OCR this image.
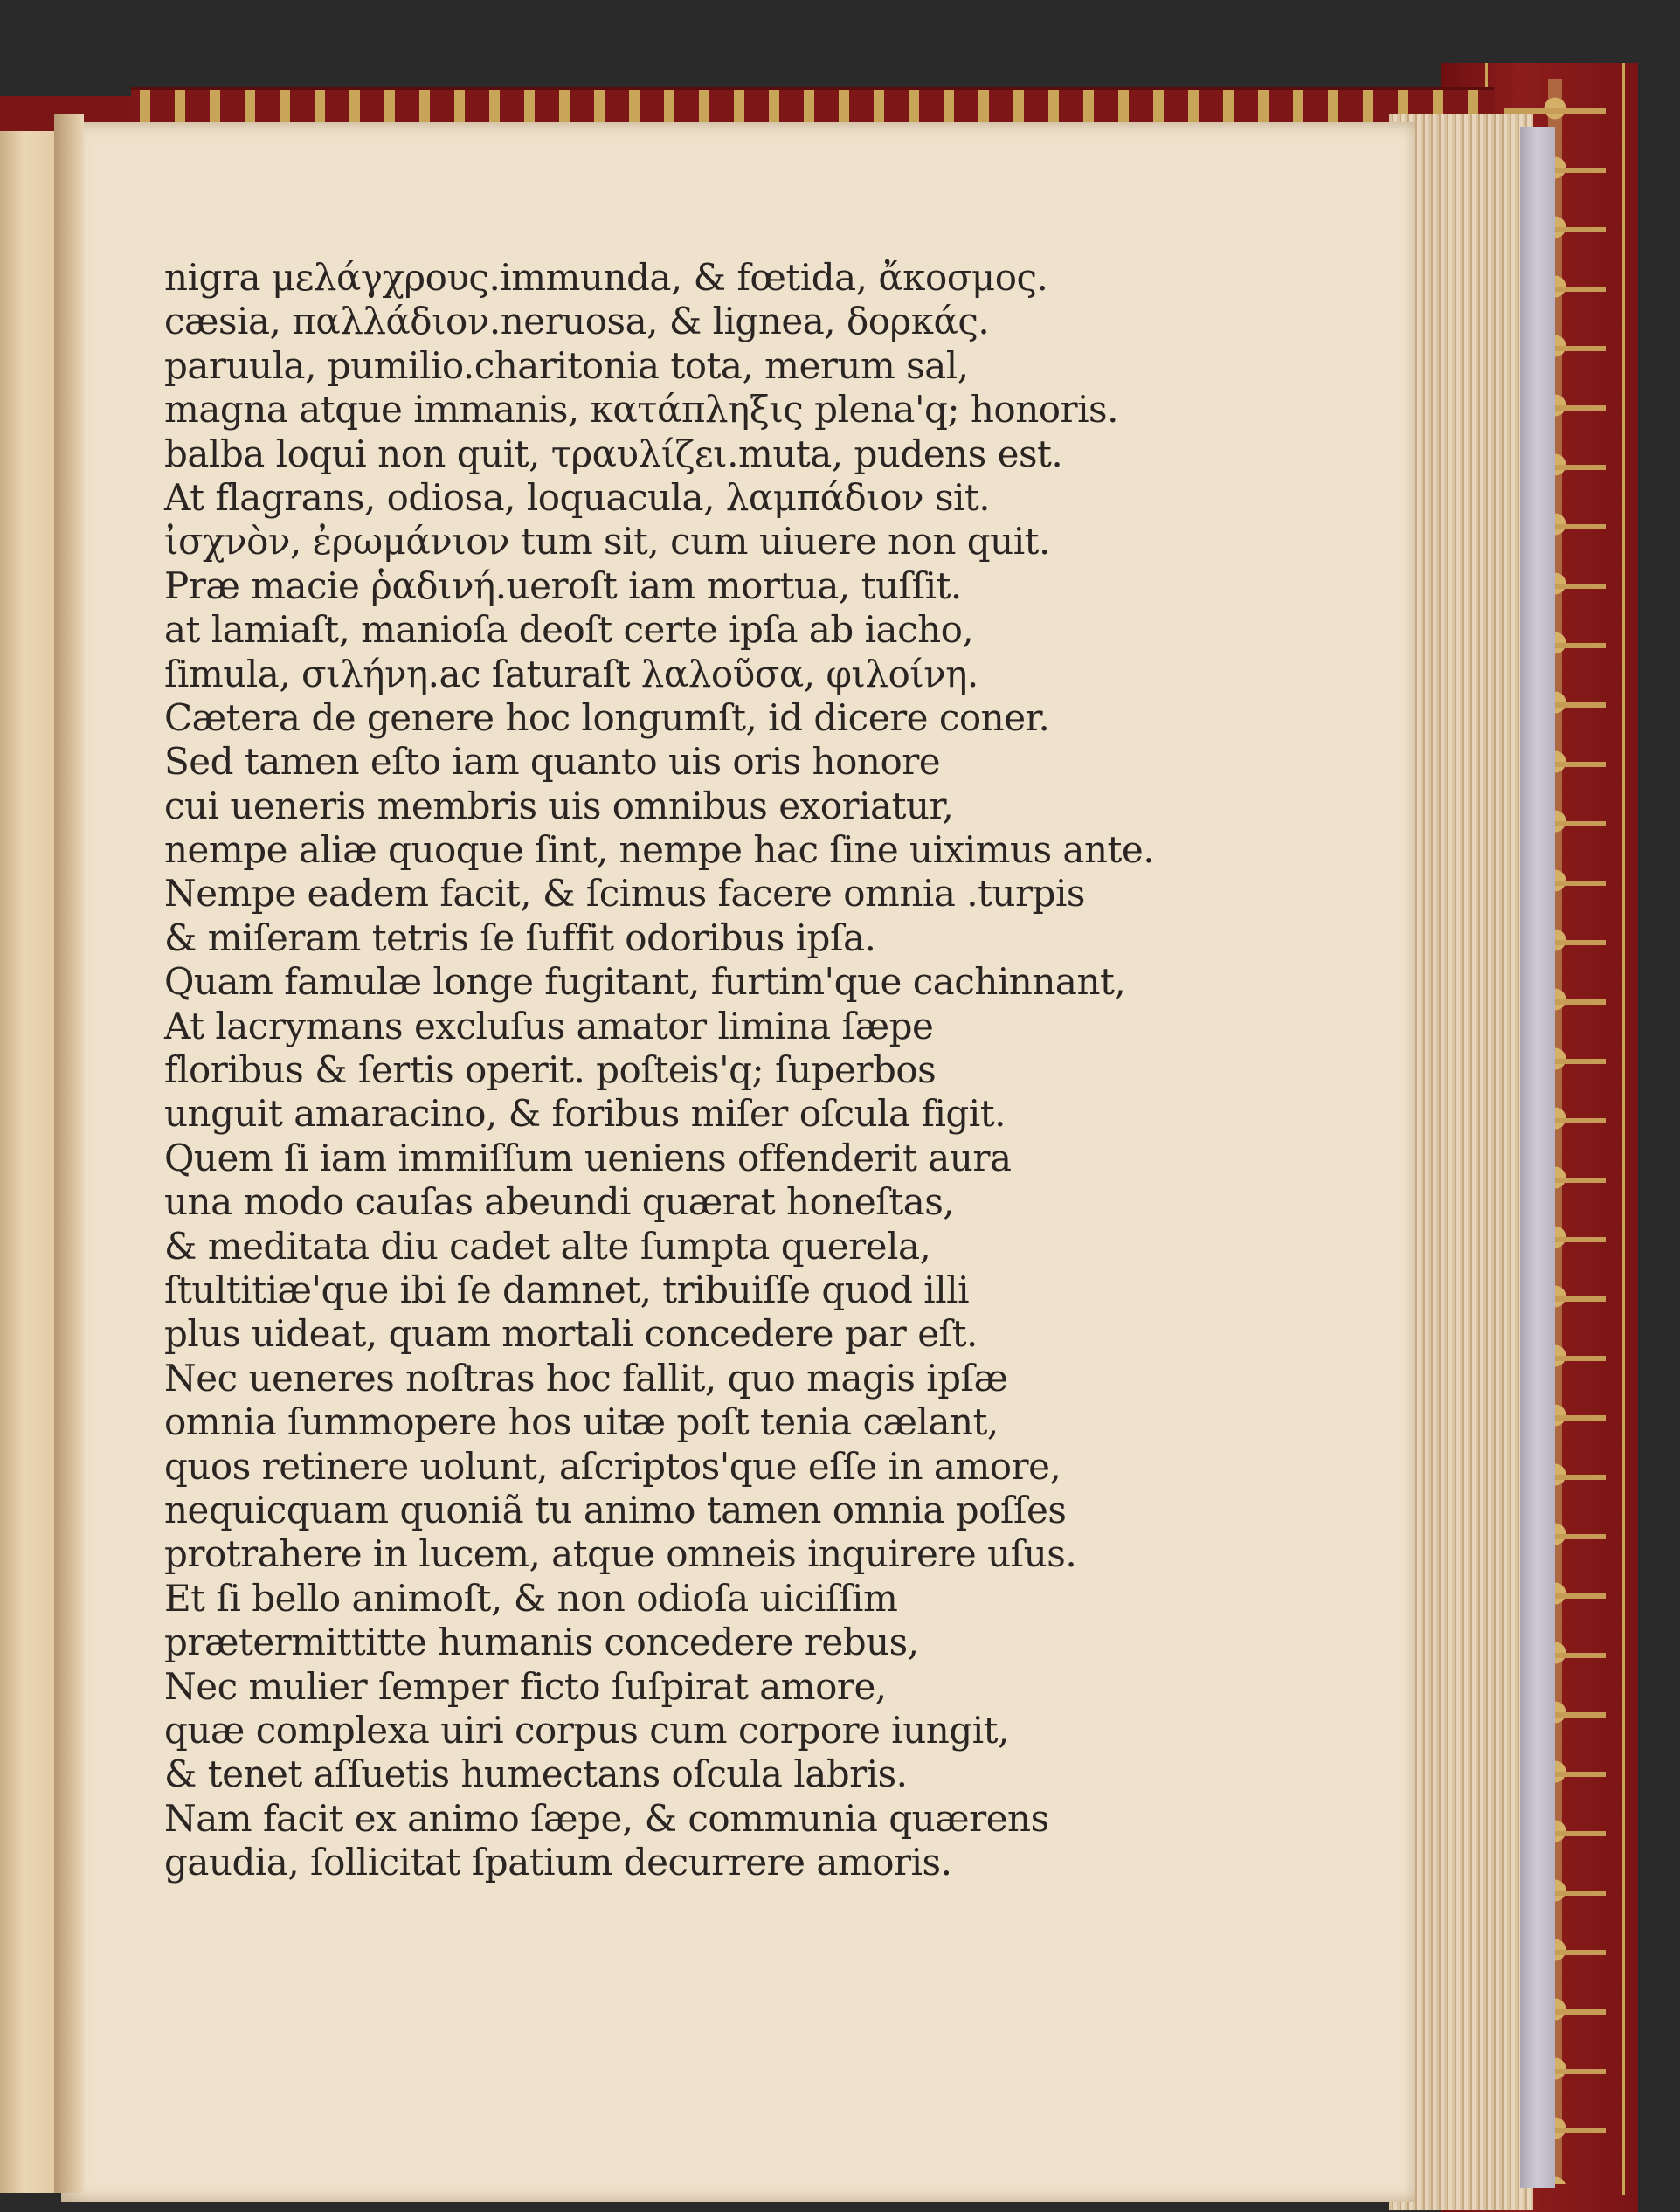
nigra μελάγχρους.immunda, & fœtida, ἄκοσμος.
cæsia, παλλάδιον.neruosa, & lignea, δορκάς.
paruula, pumilio.charitonia tota, merum sal,
magna atque immanis, κατάπληξις plena'q; honoris.
balba loqui non quit, τραυλίζει.muta, pudens est.
At flagrans, odiosa, loquacula, λαμπάδιον sit.
ἰσχνὸν, ἐρωμάνιον tum sit, cum uiuere non quit.
Præ macie ῥαδινή.ueroſt iam mortua, tuſſit.
at lamiaſt, manioſa deoſt certe ipſa ab iacho,
ſimula, σιλήνη.ac ſaturaſt λαλοῦσα, φιλοίνη.
Cætera de genere hoc longumſt, id dicere coner.
Sed tamen eſto iam quanto uis oris honore
cui ueneris membris uis omnibus exoriatur,
nempe aliæ quoque ſint, nempe hac ſine uiximus ante.
Nempe eadem facit, & ſcimus facere omnia .turpis
& miſeram tetris ſe ſuffit odoribus ipſa.
Quam famulæ longe fugitant, furtim'que cachinnant,
At lacrymans excluſus amator limina ſæpe
floribus & ſertis operit. poſteis'q; ſuperbos
unguit amaracino, & foribus miſer oſcula figit.
Quem ſi iam immiſſum ueniens offenderit aura
una modo cauſas abeundi quærat honeſtas,
& meditata diu cadet alte ſumpta querela,
ſtultitiæ'que ibi ſe damnet, tribuiſſe quod illi
plus uideat, quam mortali concedere par eſt.
Nec ueneres noſtras hoc fallit, quo magis ipſæ
omnia ſummopere hos uitæ poſt tenia cælant,
quos retinere uolunt, aſcriptos'que eſſe in amore,
nequicquam quoniã tu animo tamen omnia poſſes
protrahere in lucem, atque omneis inquirere uſus.
Et ſi bello animoſt, & non odioſa uiciſſim
prætermittitte humanis concedere rebus,
Nec mulier ſemper ficto ſuſpirat amore,
quæ complexa uiri corpus cum corpore iungit,
& tenet aſſuetis humectans oſcula labris.
Nam facit ex animo ſæpe, & communia quærens
gaudia, ſollicitat ſpatium decurrere amoris.
